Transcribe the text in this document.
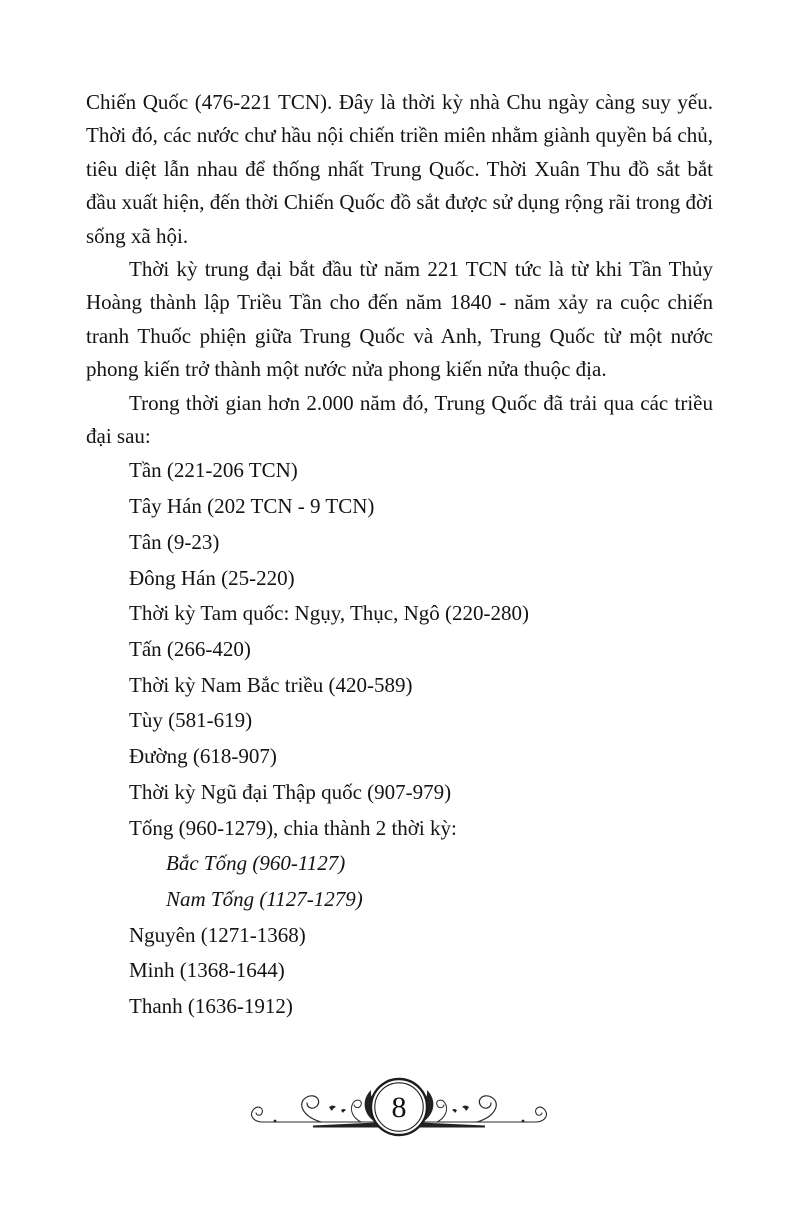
Chiến Quốc (476-221 TCN). Đây là thời kỳ nhà Chu ngày càng suy yếu. Thời đó, các nước chư hầu nội chiến triền miên nhằm giành quyền bá chủ, tiêu diệt lẫn nhau để thống nhất Trung Quốc. Thời Xuân Thu đồ sắt bắt đầu xuất hiện, đến thời Chiến Quốc đồ sắt được sử dụng rộng rãi trong đời sống xã hội.

Thời kỳ trung đại bắt đầu từ năm 221 TCN tức là từ khi Tần Thủy Hoàng thành lập Triều Tần cho đến năm 1840 - năm xảy ra cuộc chiến tranh Thuốc phiện giữa Trung Quốc và Anh, Trung Quốc từ một nước phong kiến trở thành một nước nửa phong kiến nửa thuộc địa.

Trong thời gian hơn 2.000 năm đó, Trung Quốc đã trải qua các triều đại sau:

Tần (221-206 TCN)
Tây Hán (202 TCN - 9 TCN)
Tân (9-23)
Đông Hán (25-220)
Thời kỳ Tam quốc: Ngụy, Thục, Ngô (220-280)
Tấn (266-420)
Thời kỳ Nam Bắc triều (420-589)
Tùy (581-619)
Đường (618-907)
Thời kỳ Ngũ đại Thập quốc (907-979)
Tống (960-1279), chia thành 2 thời kỳ:
Bắc Tống (960-1127)
Nam Tống (1127-1279)
Nguyên (1271-1368)
Minh (1368-1644)
Thanh (1636-1912)
8
